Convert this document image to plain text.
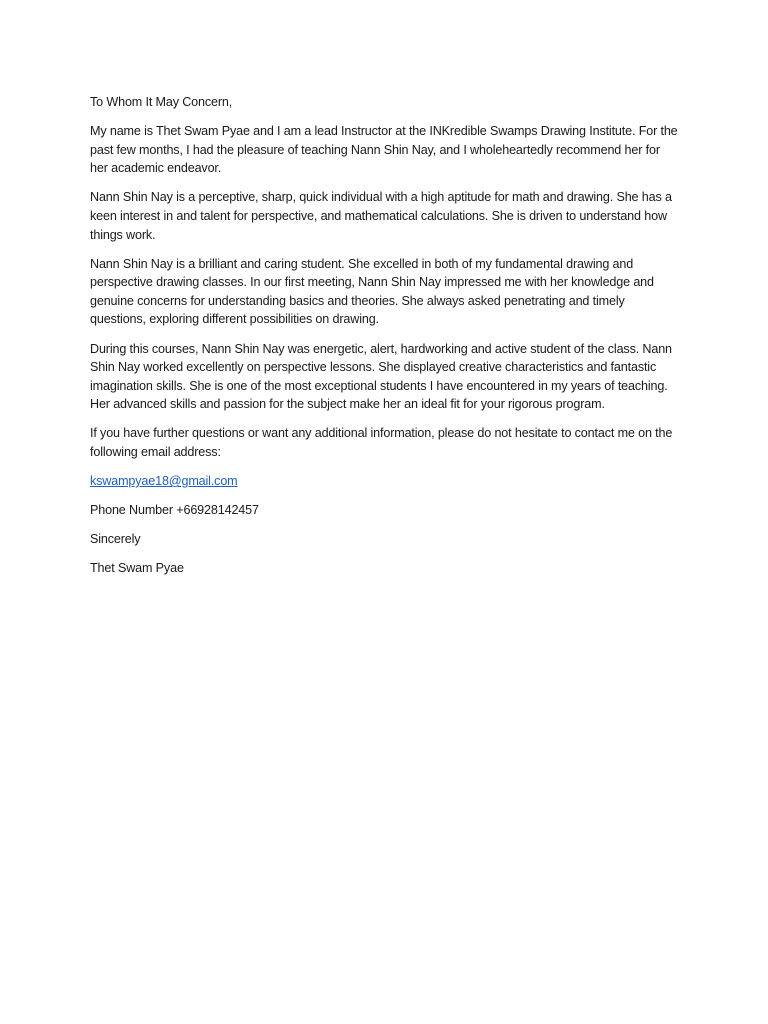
To Whom It May Concern,

My name is Thet Swam Pyae and I am a lead Instructor at the INKredible Swamps Drawing Institute. For the past few months, I had the pleasure of teaching Nann Shin Nay, and I wholeheartedly recommend her for her academic endeavor.

Nann Shin Nay is a perceptive, sharp, quick individual with a high aptitude for math and drawing. She has a keen interest in and talent for perspective, and mathematical calculations. She is driven to understand how things work.

Nann Shin Nay is a brilliant and caring student. She excelled in both of my fundamental drawing and perspective drawing classes. In our first meeting, Nann Shin Nay impressed me with her knowledge and genuine concerns for understanding basics and theories. She always asked penetrating and timely questions, exploring different possibilities on drawing.

During this courses, Nann Shin Nay was energetic, alert, hardworking and active student of the class. Nann Shin Nay worked excellently on perspective lessons. She displayed creative characteristics and fantastic imagination skills. She is one of the most exceptional students I have encountered in my years of teaching. Her advanced skills and passion for the subject make her an ideal fit for your rigorous program.

If you have further questions or want any additional information, please do not hesitate to contact me on the following email address:

kswampyae18@gmail.com

Phone Number +66928142457

Sincerely

Thet Swam Pyae
